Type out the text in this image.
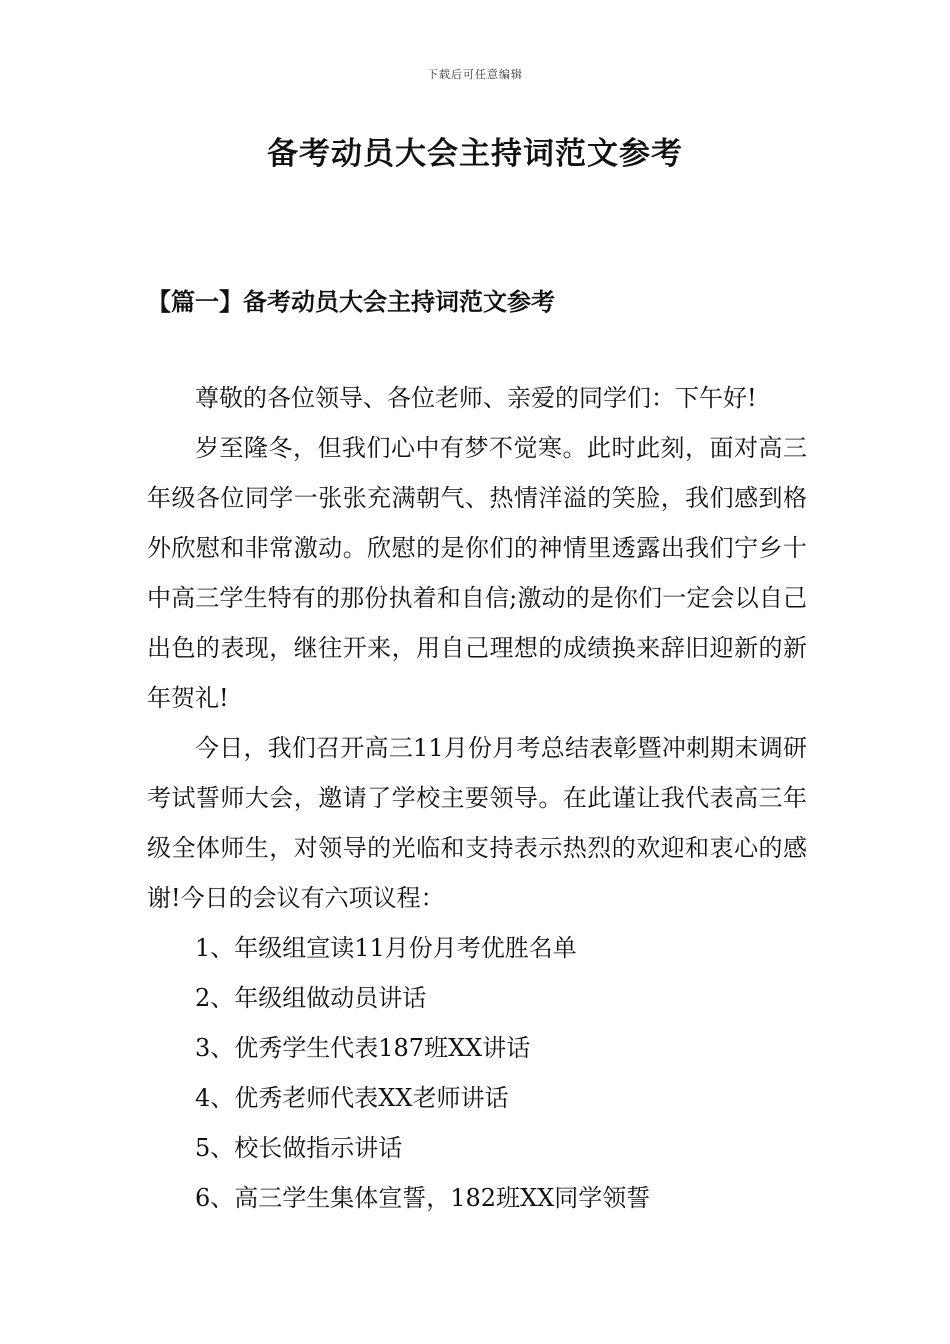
下载后可任意编辑
备考动员大会主持词范文参考
【篇一】备考动员大会主持词范文参考

尊敬的各位领导、各位老师、亲爱的同学们：下午好!

岁至隆冬，但我们心中有梦不觉寒。此时此刻，面对高三年级各位同学一张张充满朝气、热情洋溢的笑脸，我们感到格外欣慰和非常激动。欣慰的是你们的神情里透露出我们宁乡十中高三学生特有的那份执着和自信;激动的是你们一定会以自己出色的表现，继往开来，用自己理想的成绩换来辞旧迎新的新年贺礼!

今日，我们召开高三11月份月考总结表彰暨冲刺期末调研考试誓师大会，邀请了学校主要领导。在此谨让我代表高三年级全体师生，对领导的光临和支持表示热烈的欢迎和衷心的感谢!今日的会议有六项议程：

1、年级组宣读11月份月考优胜名单

2、年级组做动员讲话

3、优秀学生代表187班XX讲话

4、优秀老师代表XX老师讲话

5、校长做指示讲话

6、高三学生集体宣誓，182班XX同学领誓
